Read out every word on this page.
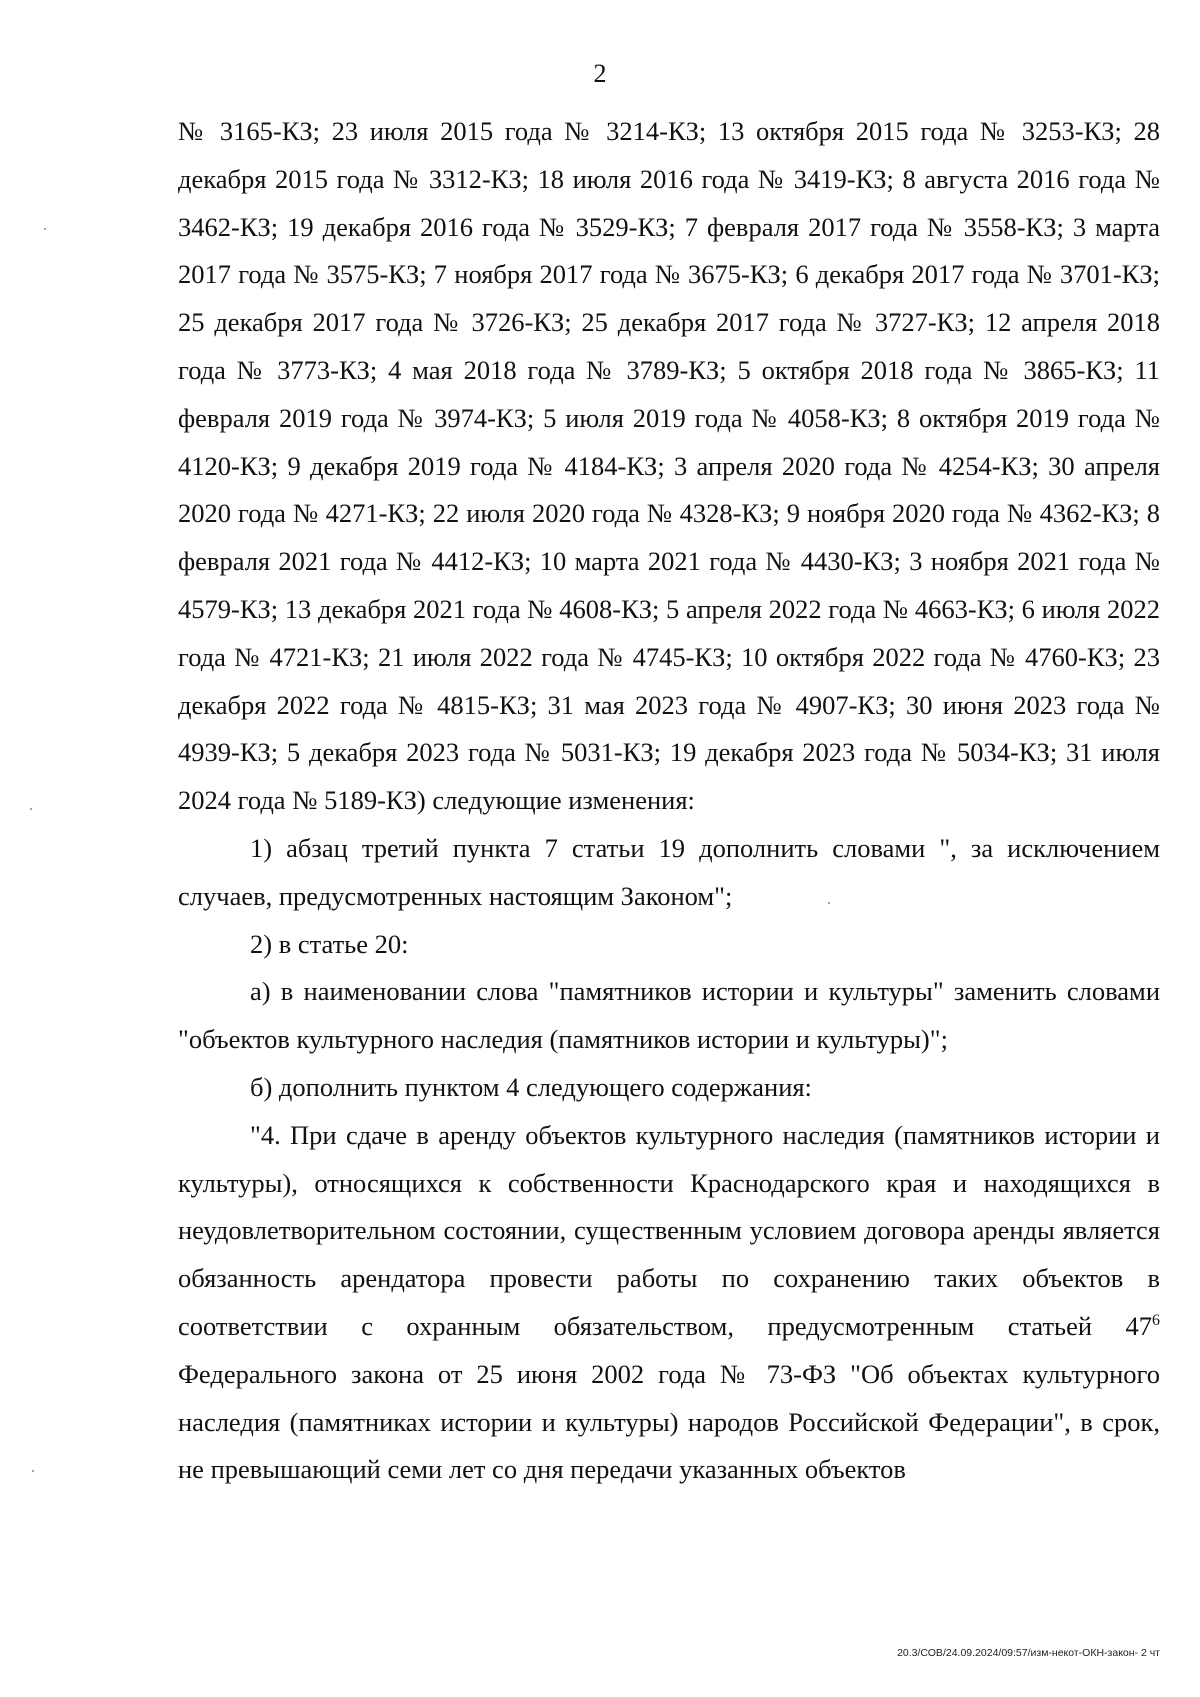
2

№ 3165-КЗ; 23 июля 2015 года № 3214-КЗ; 13 октября 2015 года № 3253-КЗ; 28 декабря 2015 года № 3312-КЗ; 18 июля 2016 года № 3419-КЗ; 8 августа 2016 года № 3462-КЗ; 19 декабря 2016 года № 3529-КЗ; 7 февраля 2017 года № 3558-КЗ; 3 марта 2017 года № 3575-КЗ; 7 ноября 2017 года № 3675-КЗ; 6 декабря 2017 года № 3701-КЗ; 25 декабря 2017 года № 3726-КЗ; 25 декабря 2017 года № 3727-КЗ; 12 апреля 2018 года № 3773-КЗ; 4 мая 2018 года № 3789-КЗ; 5 октября 2018 года № 3865-КЗ; 11 февраля 2019 года № 3974-КЗ; 5 июля 2019 года № 4058-КЗ; 8 октября 2019 года № 4120-КЗ; 9 декабря 2019 года № 4184-КЗ; 3 апреля 2020 года № 4254-КЗ; 30 апреля 2020 года № 4271-КЗ; 22 июля 2020 года № 4328-КЗ; 9 ноября 2020 года № 4362-КЗ; 8 февраля 2021 года № 4412-КЗ; 10 марта 2021 года № 4430-КЗ; 3 ноября 2021 года № 4579-КЗ; 13 декабря 2021 года № 4608-КЗ; 5 апреля 2022 года № 4663-КЗ; 6 июля 2022 года № 4721-КЗ; 21 июля 2022 года № 4745-КЗ; 10 октября 2022 года № 4760-КЗ; 23 декабря 2022 года № 4815-КЗ; 31 мая 2023 года № 4907-КЗ; 30 июня 2023 года № 4939-КЗ; 5 декабря 2023 года № 5031-КЗ; 19 декабря 2023 года № 5034-КЗ; 31 июля 2024 года № 5189-КЗ) следующие изменения:

1) абзац третий пункта 7 статьи 19 дополнить словами ", за исключением случаев, предусмотренных настоящим Законом";

2) в статье 20:

а) в наименовании слова "памятников истории и культуры" заменить словами "объектов культурного наследия (памятников истории и культуры)";

б) дополнить пунктом 4 следующего содержания:

"4. При сдаче в аренду объектов культурного наследия (памятников истории и культуры), относящихся к собственности Краснодарского края и находящихся в неудовлетворительном состоянии, существенным условием договора аренды является обязанность арендатора провести работы по сохранению таких объектов в соответствии с охранным обязательством, предусмотренным статьей $47^6$ Федерального закона от 25 июня 2002 года № 73-ФЗ "Об объектах культурного наследия (памятниках истории и культуры) народов Российской Федерации", в срок, не превышающий семи лет со дня передачи указанных объектов

20.3/СОВ/24.09.2024/09:57/изм-некот-ОКН-закон- 2 чт
